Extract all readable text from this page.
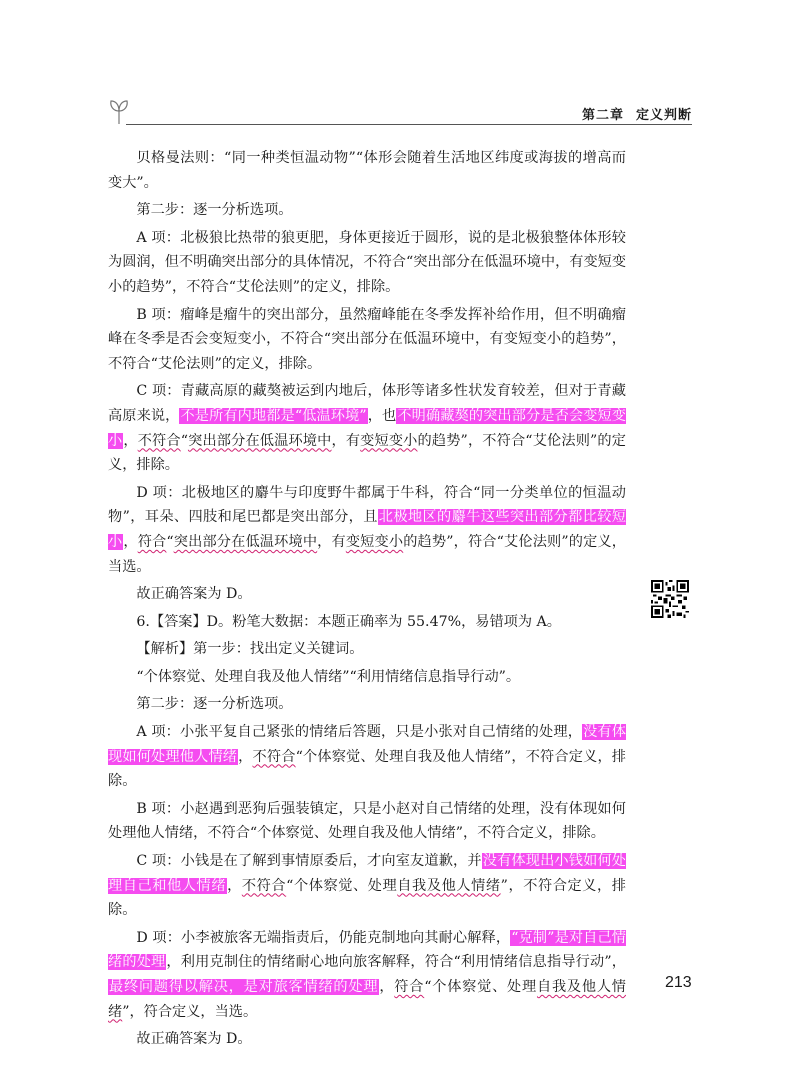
第二章 定义判断

贝格曼法则：“同一种类恒温动物”“体形会随着生活地区纬度或海拔的增高而变大”。

第二步：逐一分析选项。

A 项：北极狼比热带的狼更肥，身体更接近于圆形，说的是北极狼整体体形较为圆润，但不明确突出部分的具体情况，不符合“突出部分在低温环境中，有变短变小的趋势”，不符合“艾伦法则”的定义，排除。

B 项：瘤峰是瘤牛的突出部分，虽然瘤峰能在冬季发挥补给作用，但不明确瘤峰在冬季是否会变短变小，不符合“突出部分在低温环境中，有变短变小的趋势”，不符合“艾伦法则”的定义，排除。

C 项：青藏高原的藏獒被运到内地后，体形等诸多性状发育较差，但对于青藏高原来说，不是所有内地都是“低温环境”，也不明确藏獒的突出部分是否会变短变小，不符合“突出部分在低温环境中，有变短变小的趋势”，不符合“艾伦法则”的定义，排除。

D 项：北极地区的麝牛与印度野牛都属于牛科，符合“同一分类单位的恒温动物”，耳朵、四肢和尾巴都是突出部分，且北极地区的麝牛这些突出部分都比较短小，符合“突出部分在低温环境中，有变短变小的趋势”，符合“艾伦法则”的定义，当选。

故正确答案为 D。

6.【答案】D。粉笔大数据：本题正确率为 55.47%，易错项为 A。

【解析】第一步：找出定义关键词。

“个体察觉、处理自我及他人情绪”“利用情绪信息指导行动”。

第二步：逐一分析选项。

A 项：小张平复自己紧张的情绪后答题，只是小张对自己情绪的处理，没有体现如何处理他人情绪，不符合“个体察觉、处理自我及他人情绪”，不符合定义，排除。

B 项：小赵遇到恶狗后强装镇定，只是小赵对自己情绪的处理，没有体现如何处理他人情绪，不符合“个体察觉、处理自我及他人情绪”，不符合定义，排除。

C 项：小钱是在了解到事情原委后，才向室友道歉，并没有体现出小钱如何处理自己和他人情绪，不符合“个体察觉、处理自我及他人情绪”，不符合定义，排除。

D 项：小李被旅客无端指责后，仍能克制地向其耐心解释，“克制”是对自己情绪的处理，利用克制住的情绪耐心地向旅客解释，符合“利用情绪信息指导行动”，最终问题得以解决，是对旅客情绪的处理，符合“个体察觉、处理自我及他人情绪”，符合定义，当选。

故正确答案为 D。

213
